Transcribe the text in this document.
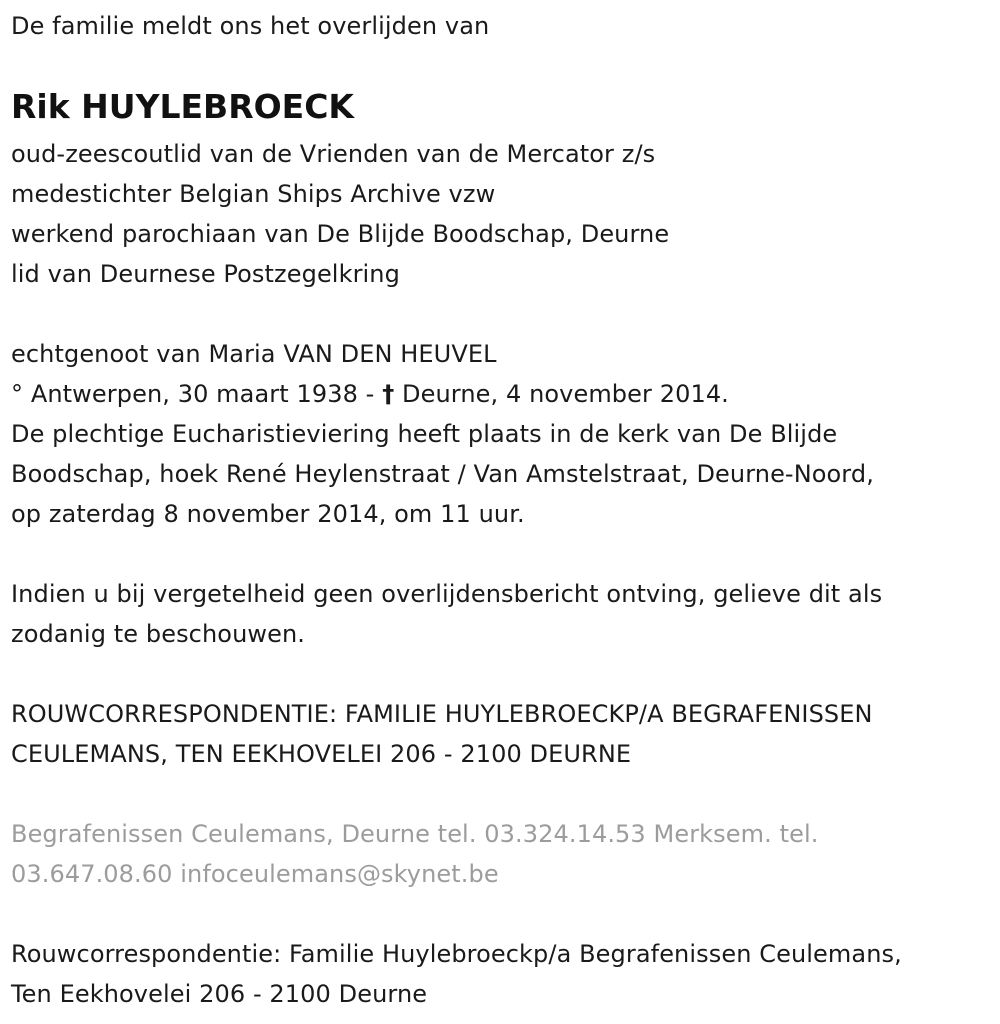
De familie meldt ons het overlijden van
Rik HUYLEBROECK
oud-zeescoutlid van de Vrienden van de Mercator z/s
medestichter Belgian Ships Archive vzw
werkend parochiaan van De Blijde Boodschap, Deurne
lid van Deurnese Postzegelkring
echtgenoot van Maria VAN DEN HEUVEL
° Antwerpen, 30 maart 1938 - † Deurne, 4 november 2014.
De plechtige Eucharistieviering heeft plaats in de kerk van De Blijde
Boodschap, hoek René Heylenstraat / Van Amstelstraat, Deurne-Noord,
op zaterdag 8 november 2014, om 11 uur.
Indien u bij vergetelheid geen overlijdensbericht ontving, gelieve dit als
zodanig te beschouwen.
ROUWCORRESPONDENTIE: FAMILIE HUYLEBROECKP/A BEGRAFENISSEN
CEULEMANS, TEN EEKHOVELEI 206 - 2100 DEURNE
Begrafenissen Ceulemans, Deurne tel. 03.324.14.53 Merksem. tel.
03.647.08.60 infoceulemans@skynet.be
Rouwcorrespondentie: Familie Huylebroeckp/a Begrafenissen Ceulemans,
Ten Eekhovelei 206 - 2100 Deurne
